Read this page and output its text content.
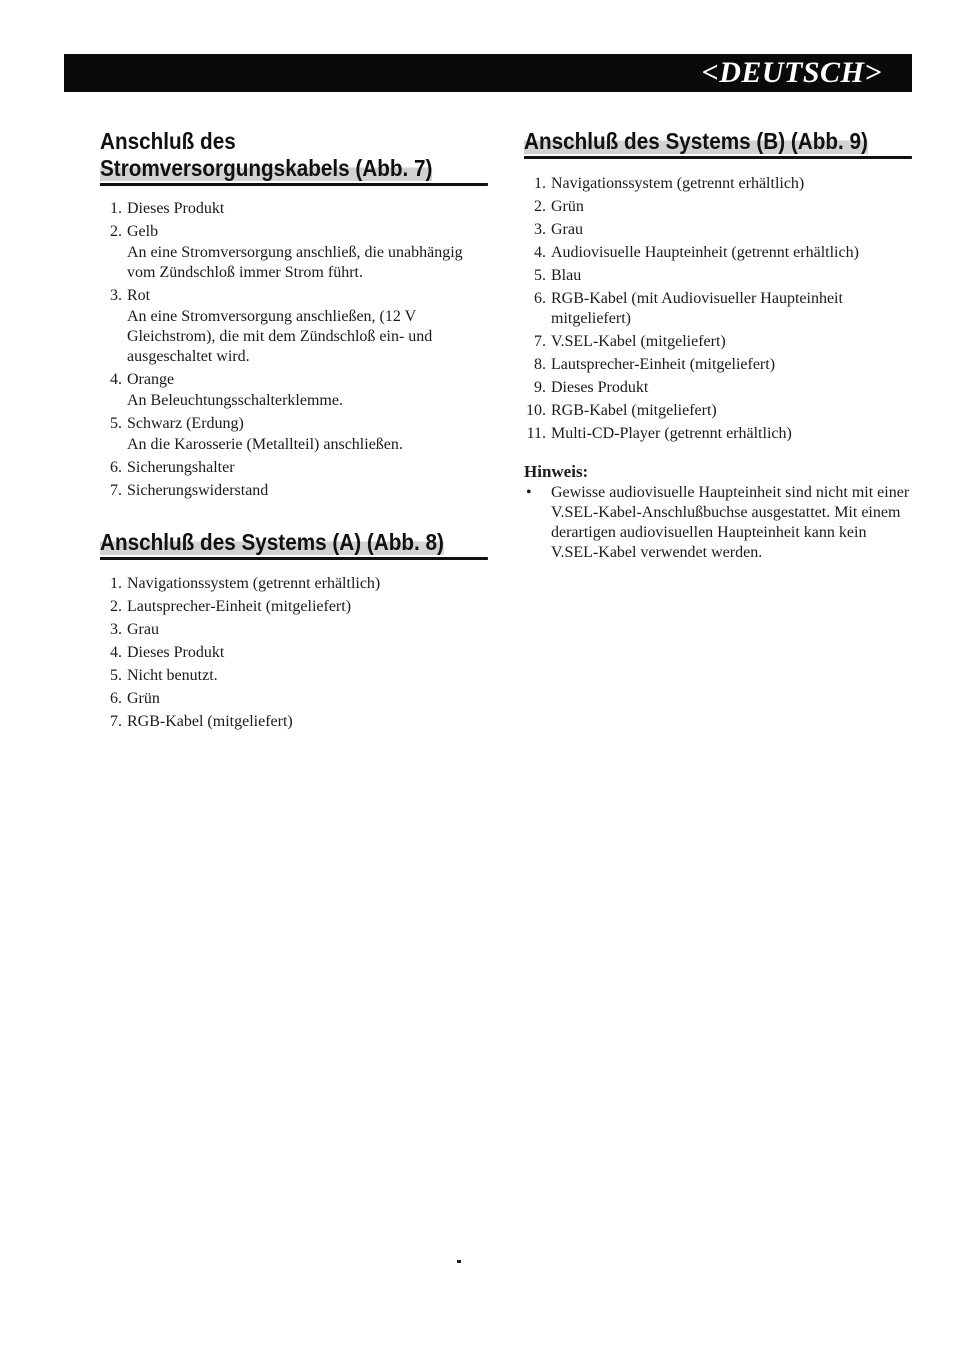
<DEUTSCH>
Anschluß des
Stromversorgungskabels (Abb. 7)
1. Dieses Produkt
2. Gelb
An eine Stromversorgung anschließ, die unabhängig vom Zündschloß immer Strom führt.
3. Rot
An eine Stromversorgung anschließen, (12 V Gleichstrom), die mit dem Zündschloß ein- und ausgeschaltet wird.
4. Orange
An Beleuchtungsschalterklemme.
5. Schwarz (Erdung)
An die Karosserie (Metallteil) anschließen.
6. Sicherungshalter
7. Sicherungswiderstand
Anschluß des Systems (A) (Abb. 8)
1. Navigationssystem (getrennt erhältlich)
2. Lautsprecher-Einheit (mitgeliefert)
3. Grau
4. Dieses Produkt
5. Nicht benutzt.
6. Grün
7. RGB-Kabel (mitgeliefert)
Anschluß des Systems (B) (Abb. 9)
1. Navigationssystem (getrennt erhältlich)
2. Grün
3. Grau
4. Audiovisuelle Haupteinheit (getrennt erhältlich)
5. Blau
6. RGB-Kabel (mit Audiovisueller Haupteinheit mitgeliefert)
7. V.SEL-Kabel (mitgeliefert)
8. Lautsprecher-Einheit (mitgeliefert)
9. Dieses Produkt
10. RGB-Kabel (mitgeliefert)
11. Multi-CD-Player (getrennt erhältlich)
Hinweis:
• Gewisse audiovisuelle Haupteinheit sind nicht mit einer V.SEL-Kabel-Anschlußbuchse ausgestattet. Mit einem derartigen audiovisuellen Haupteinheit kann kein V.SEL-Kabel verwendet werden.
